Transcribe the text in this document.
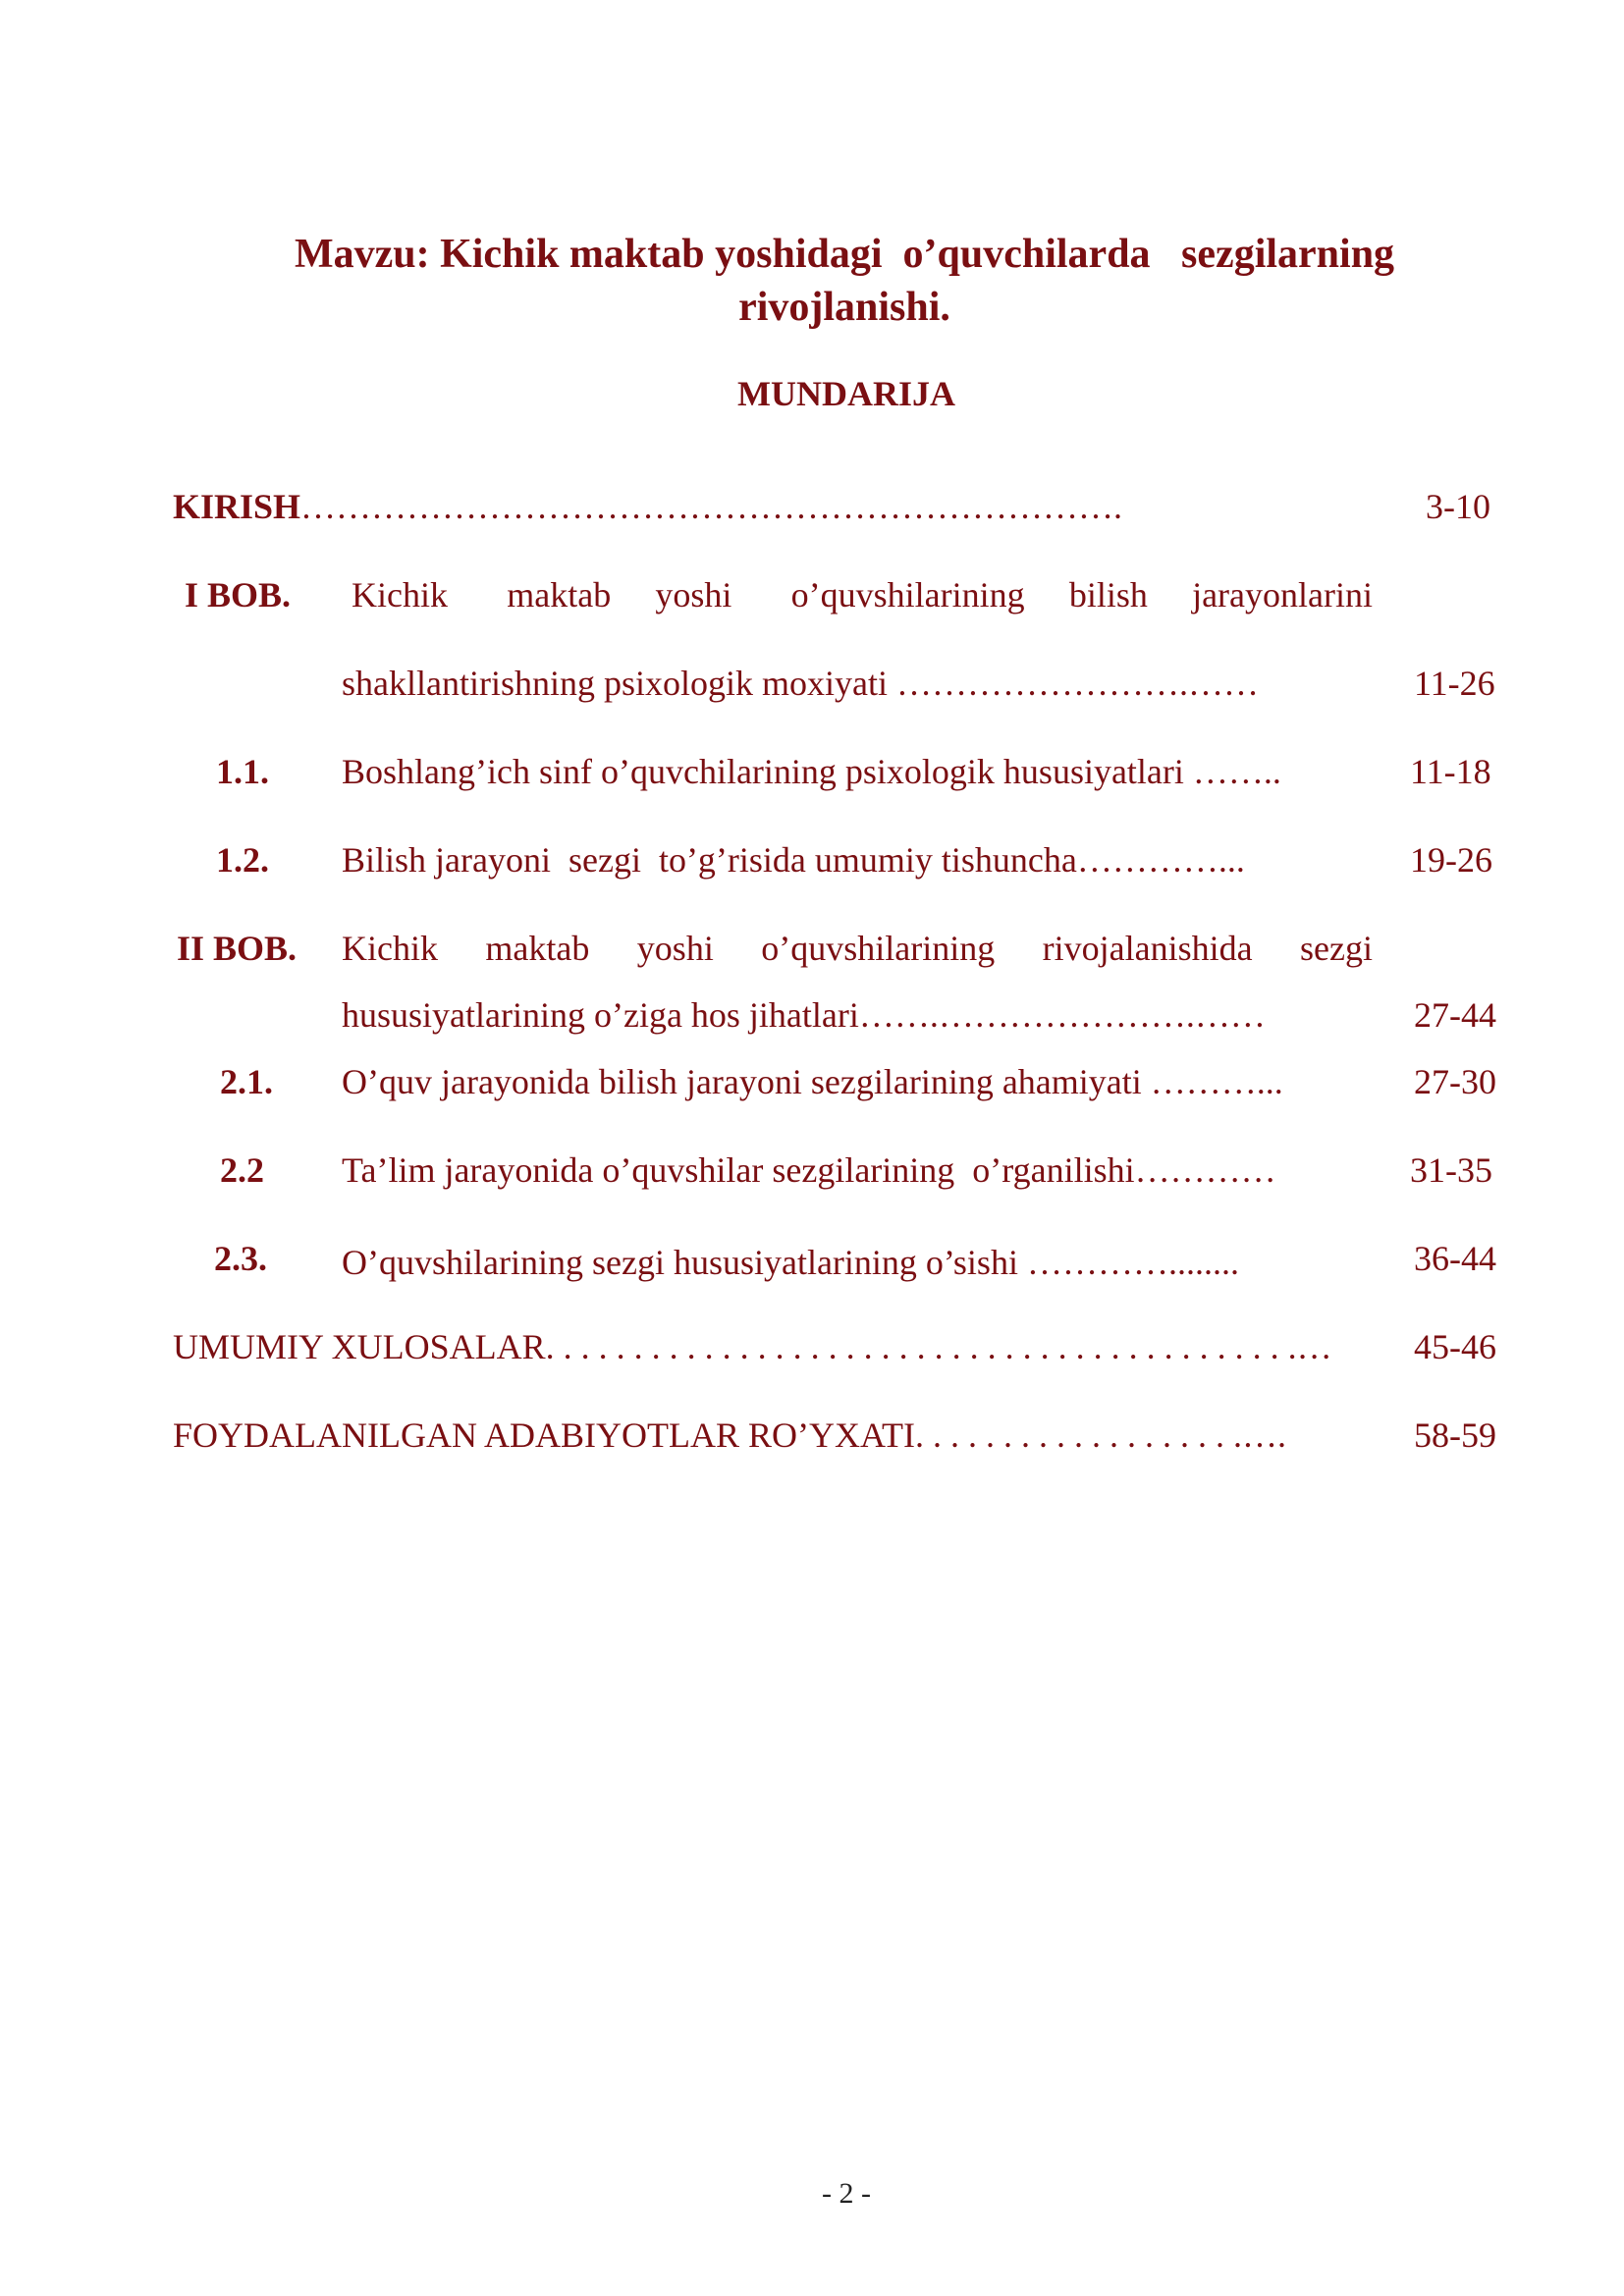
Mavzu: Kichik maktab yoshidagi  o’quvchilarda   sezgilarning
rivojlanishi.
MUNDARIJA
KIRISH…………………………………………………………….	3-10
I BOB. Kichik    maktab   yoshi    o’quvshilarining   bilish   jarayonlarini
shakllantirishning psixologik moxiyati …………………….……	11-26
1.1. Boshlang’ich sinf o’quvchilarining psixologik hususiyatlari ……..	11-18
1.2. Bilish jarayoni  sezgi  to’g’risida umumiy tishuncha…………...	19-26
II BOB. Kichik   maktab   yoshi   o’quvshilarining   rivojalanishida   sezgi
hususiyatlarining o’ziga hos jihatlari…….………………….……	27-44
2.1. O’quv jarayonida bilish jarayoni sezgilarining ahamiyati ………...	27-30
2.2 Ta’lim jarayonida o’quvshilar sezgilarining  o’rganilishi…………	31-35
2.3. O’quvshilarining sezgi hususiyatlarining o’sishi …………........	36-44
UMUMIY XULOSALAR. . . . . . . . . . . . . . . . . . . . . . . . . . . . . . . . . . . . . . . . . . .… 45-46
FOYDALANILGAN ADABIYOTLAR RO’YXATI. . . . . . . . . . . . . . . . . . .….	58-59
- 2 -
